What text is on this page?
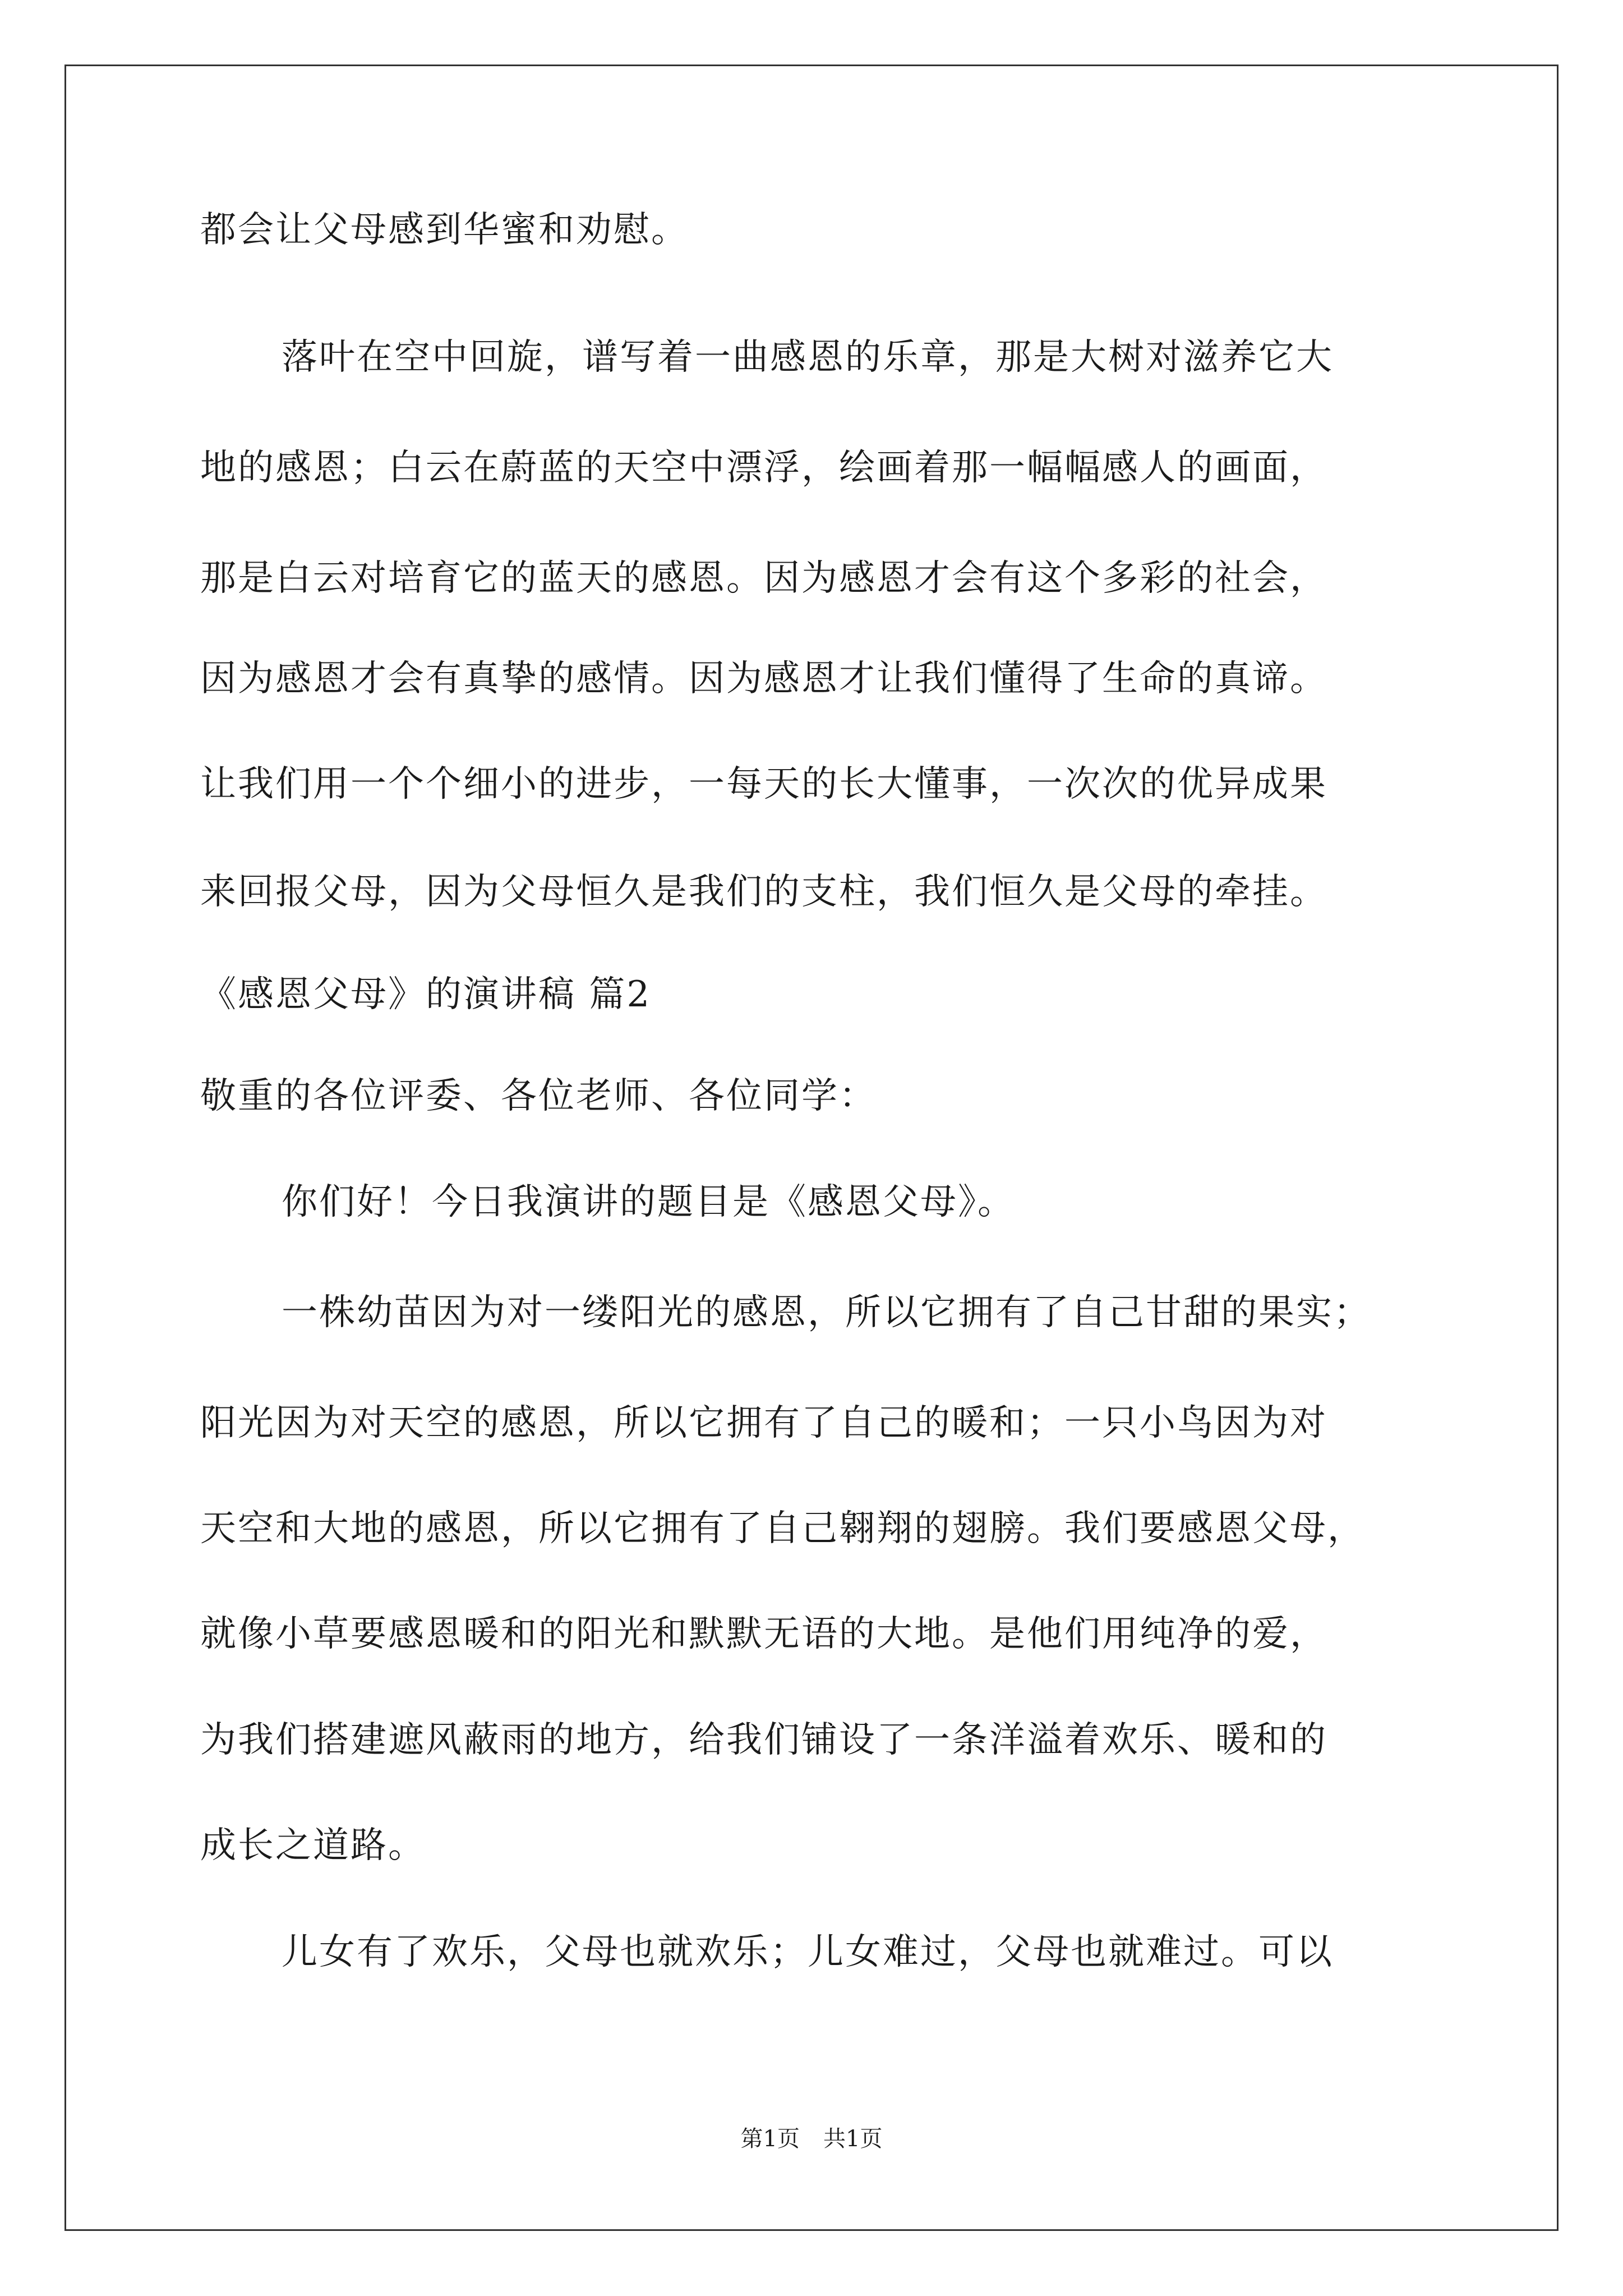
都会让父母感到华蜜和劝慰。
落叶在空中回旋，谱写着一曲感恩的乐章，那是大树对滋养它大
地的感恩；白云在蔚蓝的天空中漂浮，绘画着那一幅幅感人的画面，
那是白云对培育它的蓝天的感恩。因为感恩才会有这个多彩的社会，
因为感恩才会有真挚的感情。因为感恩才让我们懂得了生命的真谛。
让我们用一个个细小的进步，一每天的长大懂事，一次次的优异成果
来回报父母，因为父母恒久是我们的支柱，我们恒久是父母的牵挂。
《感恩父母》的演讲稿 篇2
敬重的各位评委、各位老师、各位同学：
你们好！今日我演讲的题目是《感恩父母》。
一株幼苗因为对一缕阳光的感恩，所以它拥有了自己甘甜的果实；
阳光因为对天空的感恩，所以它拥有了自己的暖和；一只小鸟因为对
天空和大地的感恩，所以它拥有了自己翱翔的翅膀。我们要感恩父母，
就像小草要感恩暖和的阳光和默默无语的大地。是他们用纯净的爱，
为我们搭建遮风蔽雨的地方，给我们铺设了一条洋溢着欢乐、暖和的
成长之道路。
儿女有了欢乐，父母也就欢乐；儿女难过，父母也就难过。可以
第1页 共1页
